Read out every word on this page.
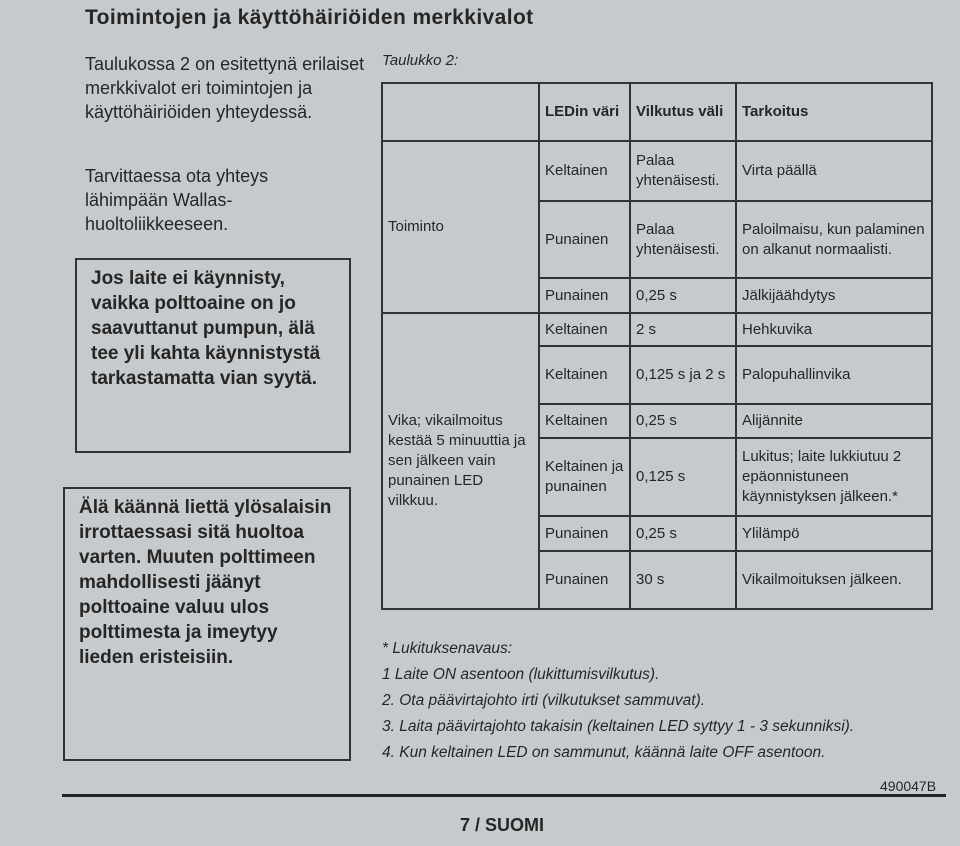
Toimintojen ja käyttöhäiriöiden merkkivalot
Taulukossa 2 on esitettynä erilaiset merkkivalot eri toimintojen ja käyttöhäiriöiden yhteydessä.
Tarvittaessa ota yhteys lähimpään Wallas-huoltoliikkeeseen.
Jos laite ei käynnisty, vaikka polttoaine on jo saavuttanut pumpun, älä tee yli kahta käynnistystä tarkastamatta vian syytä.
Älä käännä liettä ylösalaisin irrottaessasi sitä huoltoa varten. Muuten polttimeen mahdollisesti jäänyt polttoaine valuu ulos polttimesta ja imeytyy lieden eristeisiin.
Taulukko 2:
	LEDin väri	Vilkutus väli	Tarkoitus
Toiminto	Keltainen	Palaa yhtenäisesti.	Virta päällä
	Punainen	Palaa yhtenäisesti.	Paloilmaisu, kun palaminen on alkanut normaalisti.
	Punainen	0,25 s	Jälkijäähdytys
Vika; vikailmoitus kestää 5 minuuttia ja sen jälkeen vain punainen LED vilkkuu.	Keltainen	2 s	Hehkuvika
	Keltainen	0,125 s ja 2 s	Palopuhallinvika
	Keltainen	0,25 s	Alijännite
	Keltainen ja punainen	0,125 s	Lukitus; laite lukkiutuu 2 epäonnistuneen käynnistyksen jälkeen.*
	Punainen	0,25 s	Ylilämpö
	Punainen	30 s	Vikailmoituksen jälkeen.
* Lukituksenavaus:
1 Laite ON asentoon (lukittumisvilkutus).
2. Ota päävirtajohto irti (vilkutukset sammuvat).
3. Laita päävirtajohto takaisin (keltainen LED syttyy 1 - 3 sekunniksi).
4. Kun keltainen LED on sammunut, käännä laite OFF asentoon.
490047B
7 / SUOMI
